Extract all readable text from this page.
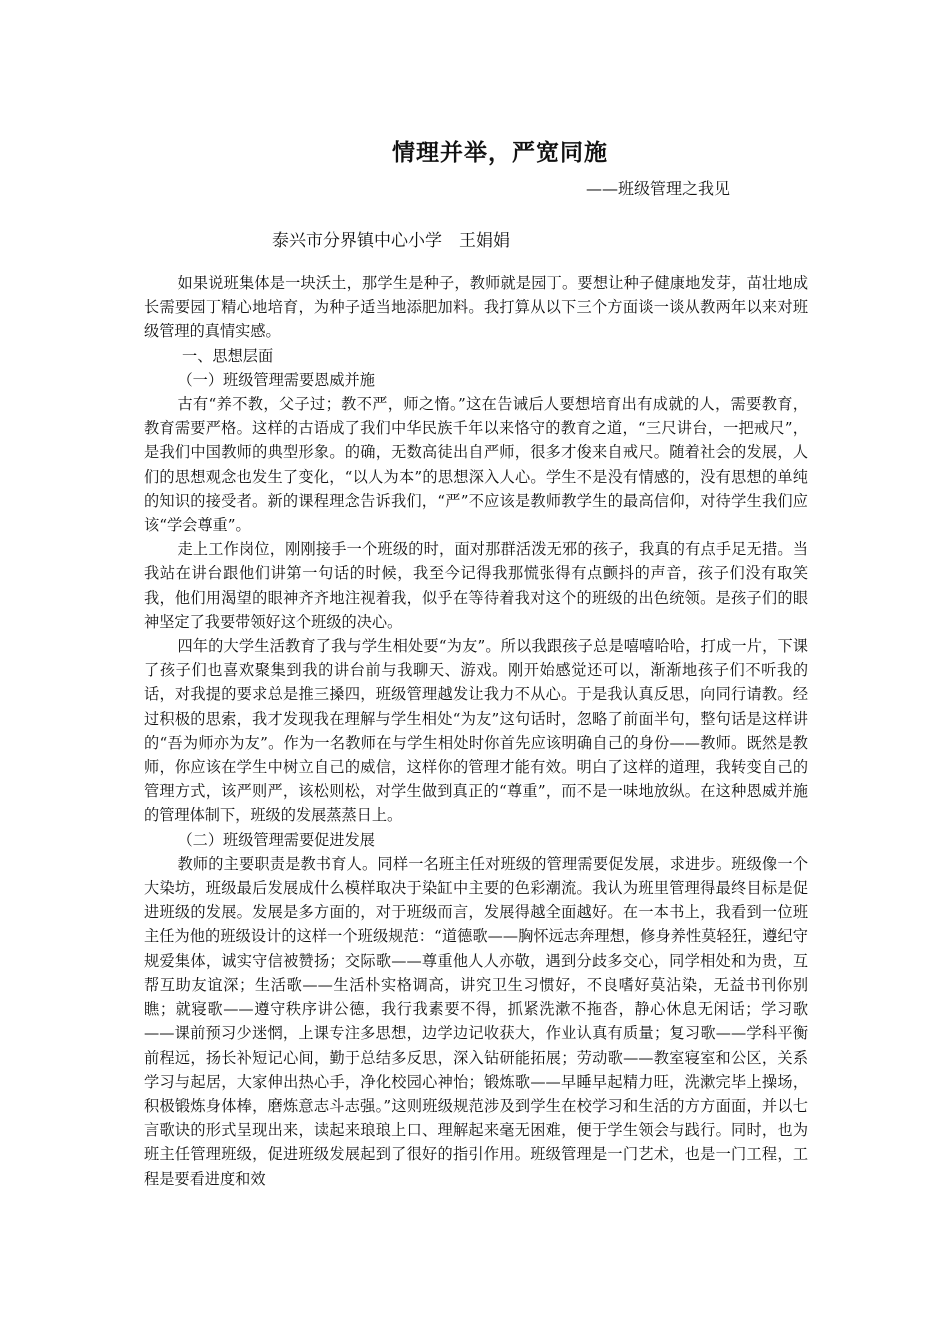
情理并举，严宽同施
——班级管理之我见
泰兴市分界镇中心小学　王娟娟

如果说班集体是一块沃土，那学生是种子，教师就是园丁。要想让种子健康地发芽，苗壮地成长需要园丁精心地培育，为种子适当地添肥加料。我打算从以下三个方面谈一谈从教两年以来对班级管理的真情实感。

一、思想层面

（一）班级管理需要恩威并施

古有“养不教，父子过；教不严，师之惰。”这在告诫后人要想培育出有成就的人，需要教育，教育需要严格。这样的古语成了我们中华民族千年以来恪守的教育之道，“三尺讲台，一把戒尺”，是我们中国教师的典型形象。的确，无数高徒出自严师，很多才俊来自戒尺。随着社会的发展，人们的思想观念也发生了变化，“以人为本”的思想深入人心。学生不是没有情感的，没有思想的单纯的知识的接受者。新的课程理念告诉我们，“严”不应该是教师教学生的最高信仰，对待学生我们应该“学会尊重”。

走上工作岗位，刚刚接手一个班级的时，面对那群活泼无邪的孩子，我真的有点手足无措。当我站在讲台跟他们讲第一句话的时候，我至今记得我那慌张得有点颤抖的声音，孩子们没有取笑我，他们用渴望的眼神齐齐地注视着我，似乎在等待着我对这个的班级的出色统领。是孩子们的眼神坚定了我要带领好这个班级的决心。

四年的大学生活教育了我与学生相处要“为友”。所以我跟孩子总是嘻嘻哈哈，打成一片，下课了孩子们也喜欢聚集到我的讲台前与我聊天、游戏。刚开始感觉还可以，渐渐地孩子们不听我的话，对我提的要求总是推三搡四，班级管理越发让我力不从心。于是我认真反思，向同行请教。经过积极的思索，我才发现我在理解与学生相处“为友”这句话时，忽略了前面半句，整句话是这样讲的“吾为师亦为友”。作为一名教师在与学生相处时你首先应该明确自己的身份——教师。既然是教师，你应该在学生中树立自己的威信，这样你的管理才能有效。明白了这样的道理，我转变自己的管理方式，该严则严，该松则松，对学生做到真正的“尊重”，而不是一味地放纵。在这种恩威并施的管理体制下，班级的发展蒸蒸日上。

（二）班级管理需要促进发展

教师的主要职责是教书育人。同样一名班主任对班级的管理需要促发展，求进步。班级像一个大染坊，班级最后发展成什么模样取决于染缸中主要的色彩潮流。我认为班里管理得最终目标是促进班级的发展。发展是多方面的，对于班级而言，发展得越全面越好。在一本书上，我看到一位班主任为他的班级设计的这样一个班级规范：“道德歌——胸怀远志奔理想，修身养性莫轻狂，遵纪守规爱集体，诚实守信被赞扬；交际歌——尊重他人人亦敬，遇到分歧多交心，同学相处和为贵，互帮互助友谊深；生活歌——生活朴实格调高，讲究卫生习惯好，不良嗜好莫沾染，无益书刊你别瞧；就寝歌——遵守秩序讲公德，我行我素要不得，抓紧洗漱不拖沓，静心休息无闲话；学习歌——课前预习少迷惘，上课专注多思想，边学边记收获大，作业认真有质量；复习歌——学科平衡前程远，扬长补短记心间，勤于总结多反思，深入钻研能拓展；劳动歌——教室寝室和公区，关系学习与起居，大家伸出热心手，净化校园心神怡；锻炼歌——早睡早起精力旺，洗漱完毕上操场，积极锻炼身体棒，磨炼意志斗志强。”这则班级规范涉及到学生在校学习和生活的方方面面，并以七言歌诀的形式呈现出来，读起来琅琅上口、理解起来毫无困难，便于学生领会与践行。同时，也为班主任管理班级，促进班级发展起到了很好的指引作用。班级管理是一门艺术，也是一门工程，工程是要看进度和效
